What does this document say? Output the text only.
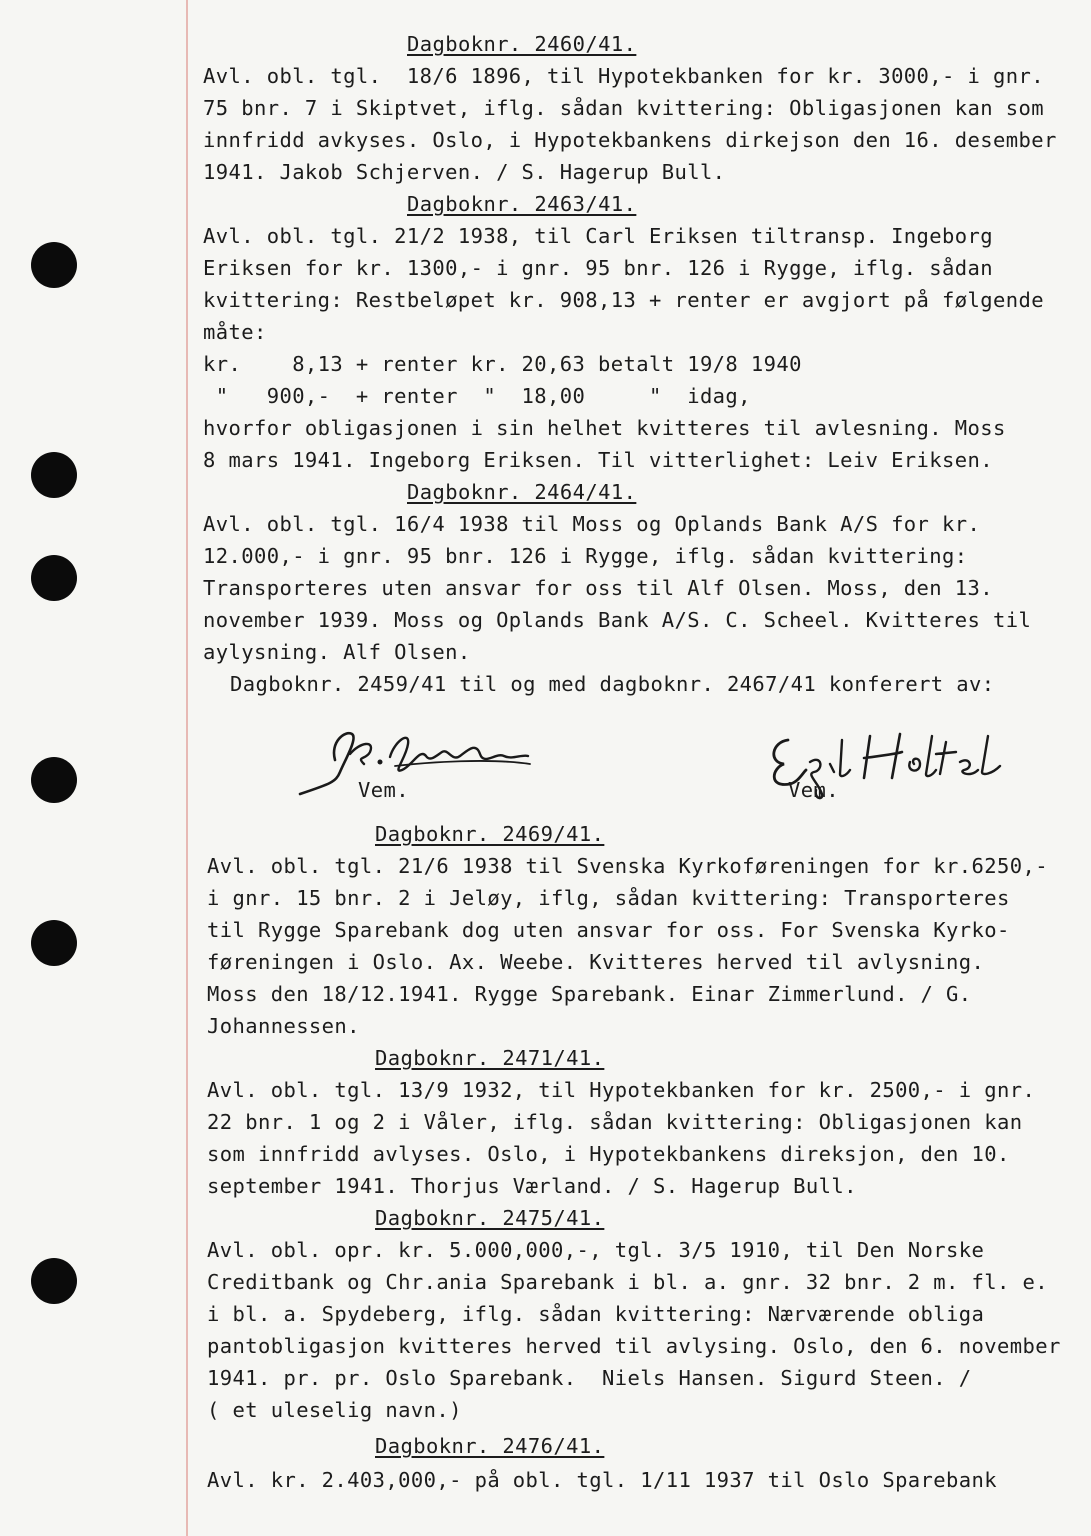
Dagboknr. 2460/41.
Avl. obl. tgl.  18/6 1896, til Hypotekbanken for kr. 3000,- i gnr.
75 bnr. 7 i Skiptvet, iflg. sådan kvittering: Obligasjonen kan som
innfridd avkyses. Oslo, i Hypotekbankens dirkejson den 16. desember
1941. Jakob Schjerven. / S. Hagerup Bull.
Dagboknr. 2463/41.
Avl. obl. tgl. 21/2 1938, til Carl Eriksen tiltransp. Ingeborg
Eriksen for kr. 1300,- i gnr. 95 bnr. 126 i Rygge, iflg. sådan
kvittering: Restbeløpet kr. 908,13 + renter er avgjort på følgende
måte:
kr.    8,13 + renter kr. 20,63 betalt 19/8 1940
"   900,-  + renter  "  18,00     "  idag,
hvorfor obligasjonen i sin helhet kvitteres til avlesning. Moss
8 mars 1941. Ingeborg Eriksen. Til vitterlighet: Leiv Eriksen.
Dagboknr. 2464/41.
Avl. obl. tgl. 16/4 1938 til Moss og Oplands Bank A/S for kr.
12.000,- i gnr. 95 bnr. 126 i Rygge, iflg. sådan kvittering:
Transporteres uten ansvar for oss til Alf Olsen. Moss, den 13.
november 1939. Moss og Oplands Bank A/S. C. Scheel. Kvitteres til
aylysning. Alf Olsen.
Dagboknr. 2459/41 til og med dagboknr. 2467/41 konferert av:
Vem.	Vem.
Dagboknr. 2469/41.
Avl. obl. tgl. 21/6 1938 til Svenska Kyrkoføreningen for kr.6250,-
i gnr. 15 bnr. 2 i Jeløy, iflg, sådan kvittering: Transporteres
til Rygge Sparebank dog uten ansvar for oss. For Svenska Kyrko-
føreningen i Oslo. Ax. Weebe. Kvitteres herved til avlysning.
Moss den 18/12.1941. Rygge Sparebank. Einar Zimmerlund. / G.
Johannessen.
Dagboknr. 2471/41.
Avl. obl. tgl. 13/9 1932, til Hypotekbanken for kr. 2500,- i gnr.
22 bnr. 1 og 2 i Våler, iflg. sådan kvittering: Obligasjonen kan
som innfridd avlyses. Oslo, i Hypotekbankens direksjon, den 10.
september 1941. Thorjus Værland. / S. Hagerup Bull.
Dagboknr. 2475/41.
Avl. obl. opr. kr. 5.000,000,-, tgl. 3/5 1910, til Den Norske
Creditbank og Chr.ania Sparebank i bl. a. gnr. 32 bnr. 2 m. fl. e.
i bl. a. Spydeberg, iflg. sådan kvittering: Nærværende obliga
pantobligasjon kvitteres herved til avlysing. Oslo, den 6. november
1941. pr. pr. Oslo Sparebank.  Niels Hansen. Sigurd Steen. /
( et uleselig navn.)
Dagboknr. 2476/41.
Avl. kr. 2.403,000,- på obl. tgl. 1/11 1937 til Oslo Sparebank
